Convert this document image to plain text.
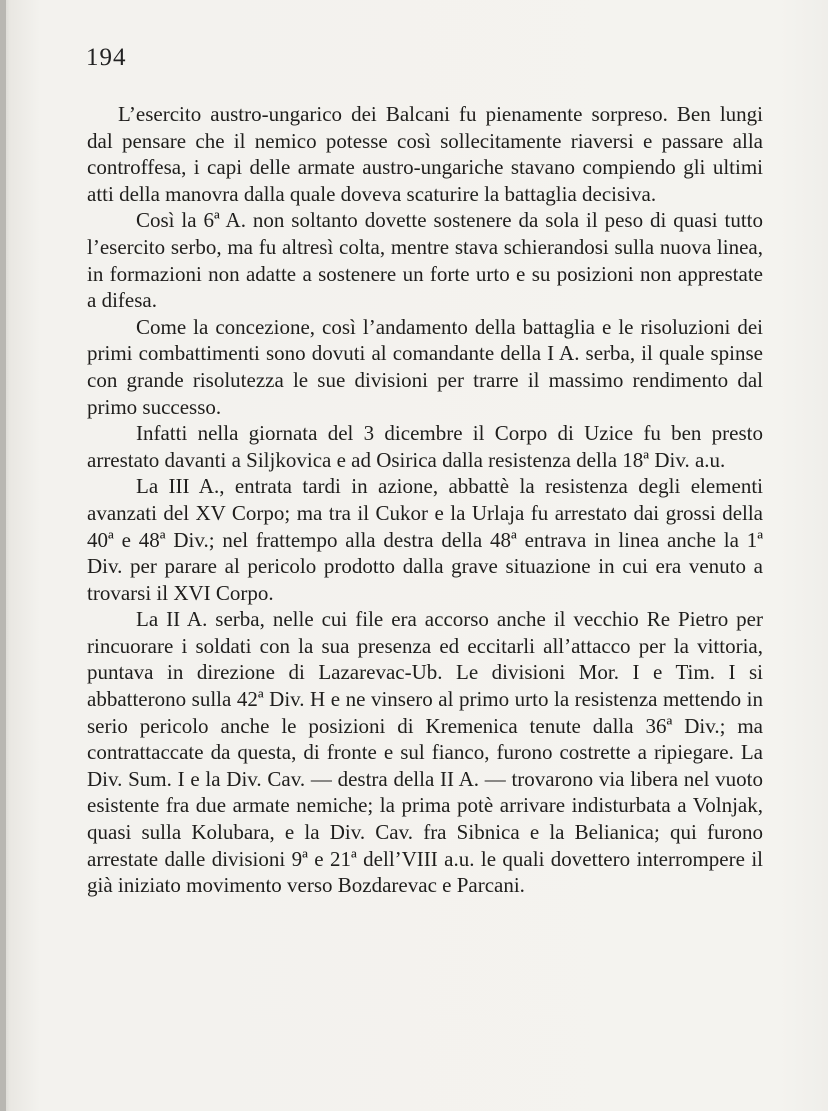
194

L’esercito austro-ungarico dei Balcani fu pienamente sorpreso. Ben lungi dal pensare che il nemico potesse così sollecitamente riaversi e passare alla controffesa, i capi delle armate austro-ungariche stavano compiendo gli ultimi atti della manovra dalla quale doveva scaturire la battaglia decisiva.

Così la 6ª A. non soltanto dovette sostenere da sola il peso di quasi tutto l’esercito serbo, ma fu altresì colta, mentre stava schierandosi sulla nuova linea, in formazioni non adatte a sostenere un forte urto e su posizioni non apprestate a difesa.

Come la concezione, così l’andamento della battaglia e le risoluzioni dei primi combattimenti sono dovuti al comandante della I A. serba, il quale spinse con grande risolutezza le sue divisioni per trarre il massimo rendimento dal primo successo.

Infatti nella giornata del 3 dicembre il Corpo di Uzice fu ben presto arrestato davanti a Siljkovica e ad Osirica dalla resistenza della 18ª Div. a.u.

La III A., entrata tardi in azione, abbattè la resistenza degli elementi avanzati del XV Corpo; ma tra il Cukor e la Urlaja fu arrestato dai grossi della 40ª e 48ª Div.; nel frattempo alla destra della 48ª entrava in linea anche la 1ª Div. per parare al pericolo prodotto dalla grave situazione in cui era venuto a trovarsi il XVI Corpo.

La II A. serba, nelle cui file era accorso anche il vecchio Re Pietro per rincuorare i soldati con la sua presenza ed eccitarli all’attacco per la vittoria, puntava in direzione di Lazarevac-Ub. Le divisioni Mor. I e Tim. I si abbatterono sulla 42ª Div. H e ne vinsero al primo urto la resistenza mettendo in serio pericolo anche le posizioni di Kremenica tenute dalla 36ª Div.; ma contrattaccate da questa, di fronte e sul fianco, furono costrette a ripiegare. La Div. Sum. I e la Div. Cav. — destra della II A. — trovarono via libera nel vuoto esistente fra due armate nemiche; la prima potè arrivare indisturbata a Volnjak, quasi sulla Kolubara, e la Div. Cav. fra Sibnica e la Belianica; qui furono arrestate dalle divisioni 9ª e 21ª dell’VIII a.u. le quali dovettero interrompere il già iniziato movimento verso Bozdarevac e Parcani.
